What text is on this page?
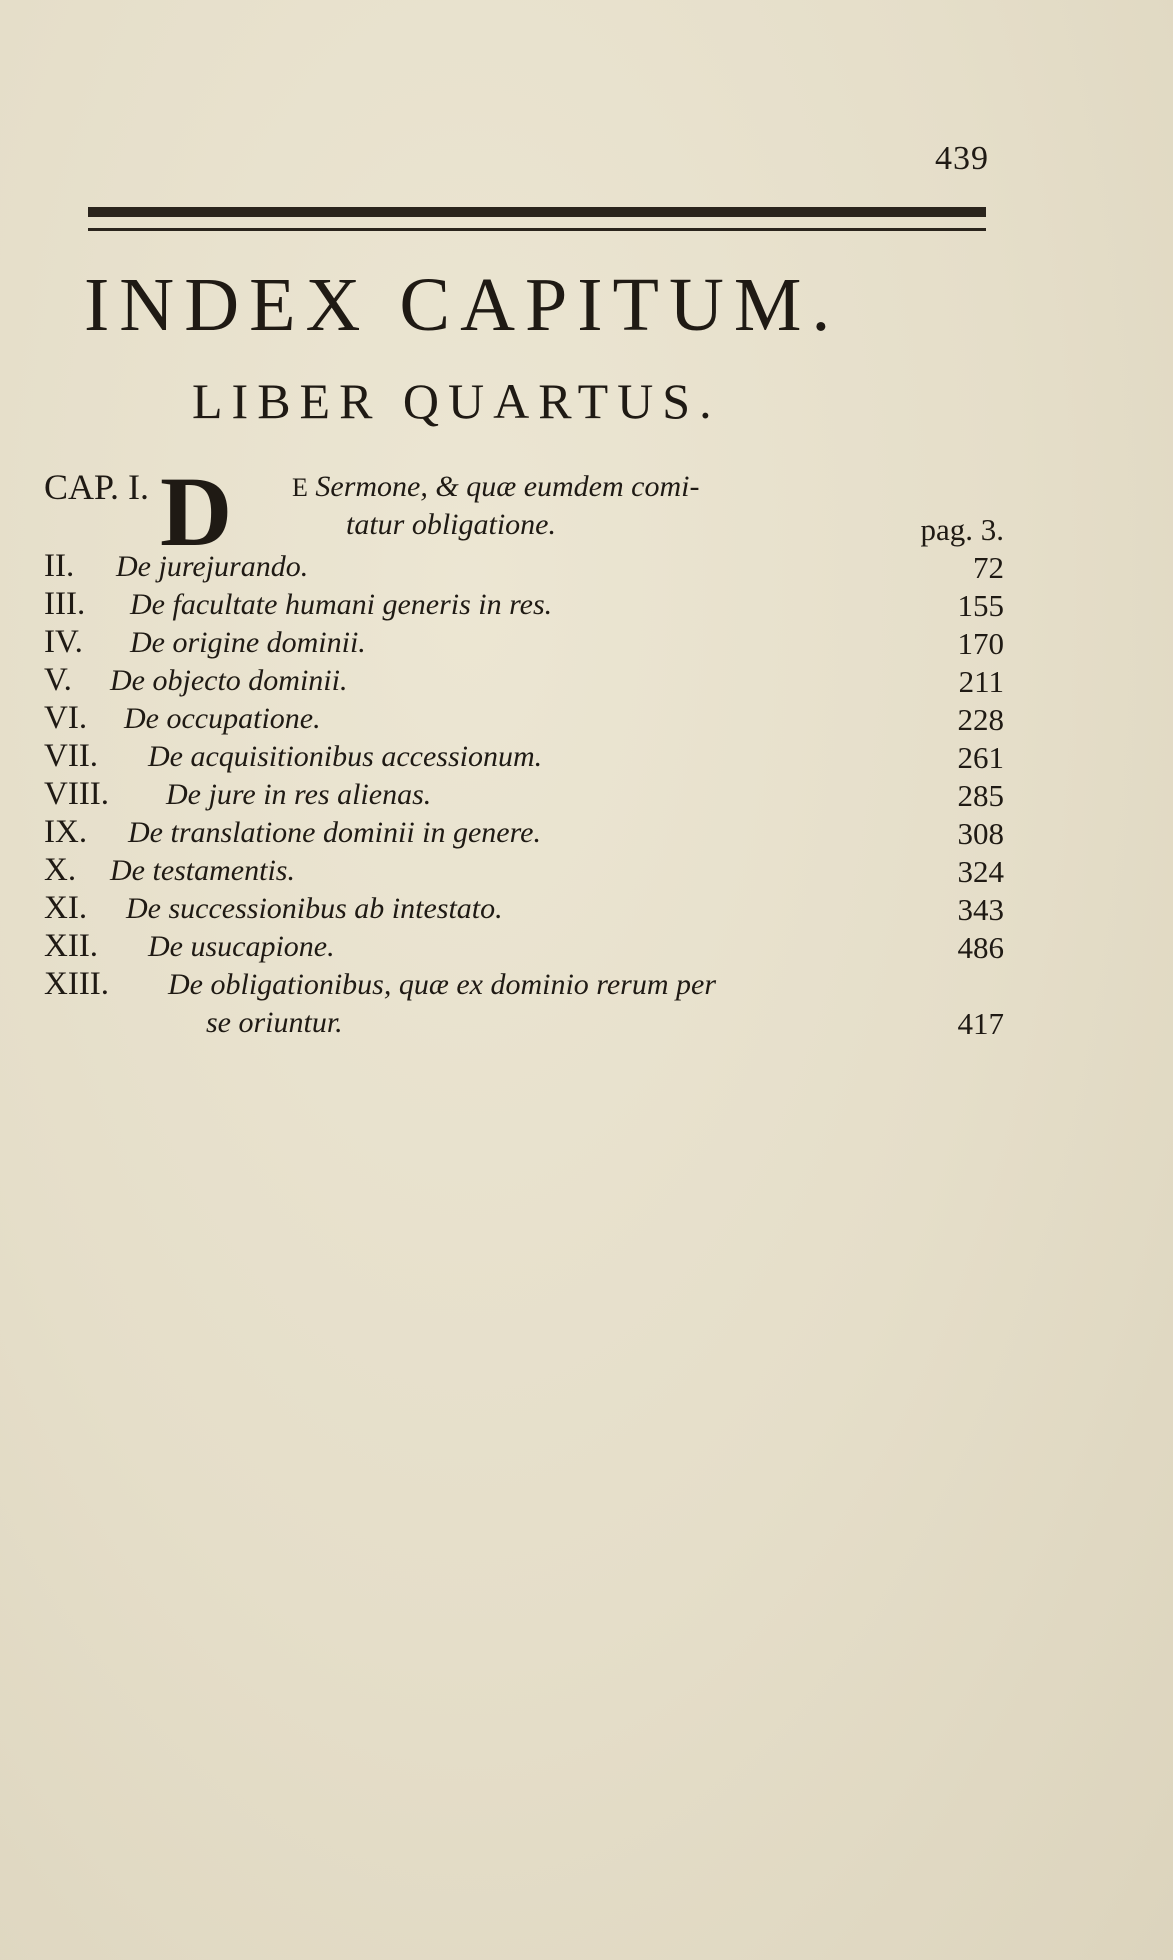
439
INDEX CAPITUM.
LIBER QUARTUS.
CAP. I. D E Sermone, & quæ eumdem comi-
tatur obligatione.	pag. 3.
II. De jurejurando.	72
III. De facultate humani generis in res.	155
IV. De origine dominii.	170
V. De objecto dominii.	211
VI. De occupatione.	228
VII. De acquisitionibus accessionum.	261
VIII. De jure in res alienas.	285
IX. De translatione dominii in genere.	308
X. De testamentis.	324
XI. De successionibus ab intestato.	343
XII. De usucapione.	486
XIII. De obligationibus, quæ ex dominio rerum per
se oriuntur.	417
